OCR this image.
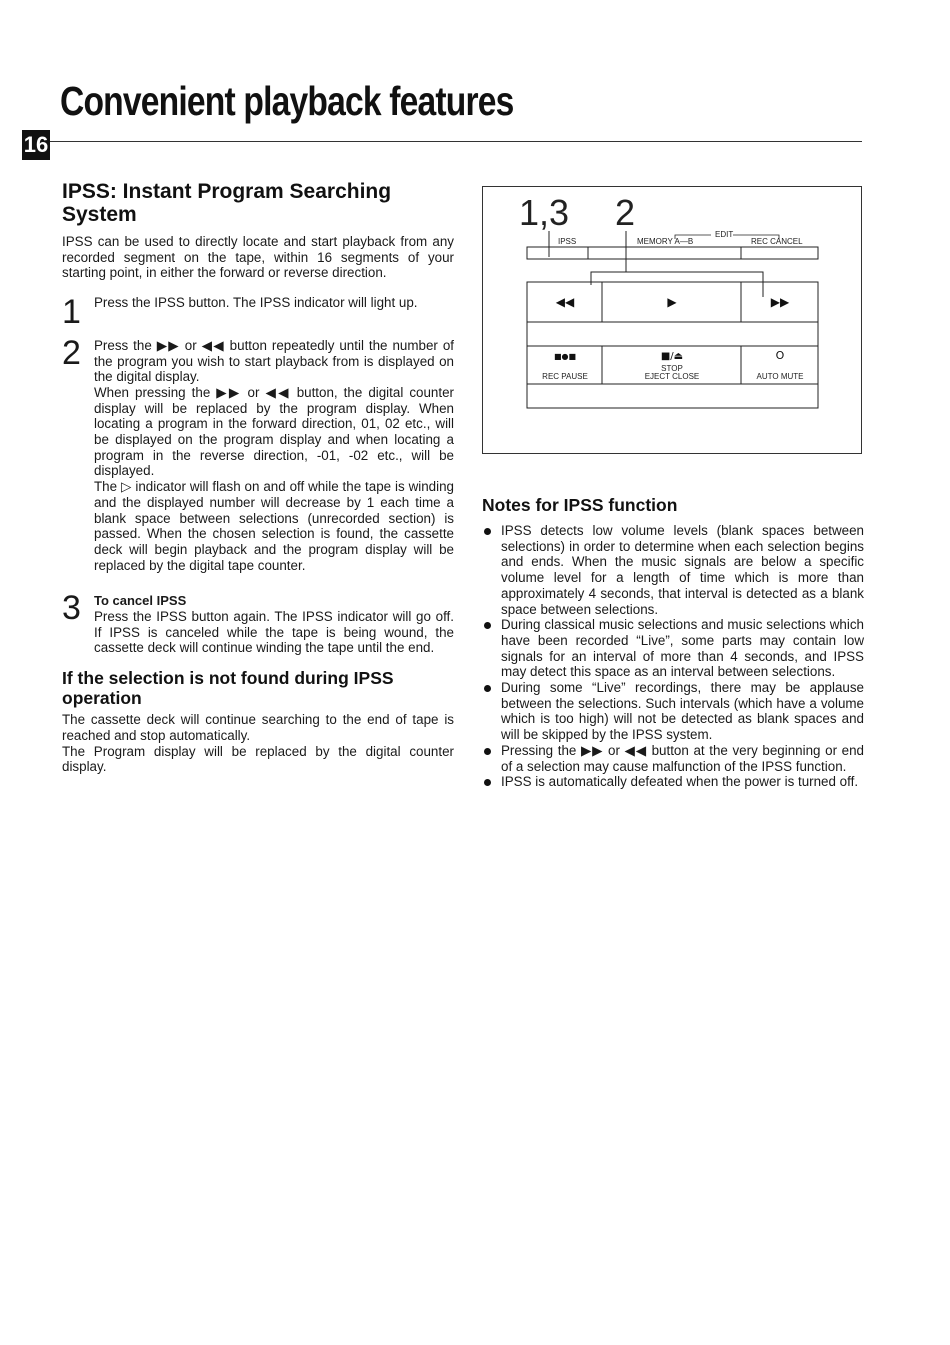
Convenient playback features
16
IPSS: Instant Program Searching System

IPSS can be used to directly locate and start playback from any recorded segment on the tape, within 16 segments of your starting point, in either the forward or reverse direction.

1 Press the IPSS button. The IPSS indicator will light up.

2 Press the ▶▶ or ◀◀ button repeatedly until the number of the program you wish to start playback from is displayed on the digital display.

When pressing the ▶▶ or ◀◀ button, the digital counter display will be replaced by the program display. When locating a program in the forward direction, 01, 02 etc., will be displayed on the program display and when locating a program in the reverse direction, -01, -02 etc., will be displayed.

The ▷ indicator will flash on and off while the tape is winding and the displayed number will decrease by 1 each time a blank space between selections (unrecorded section) is passed. When the chosen selection is found, the cassette deck will begin playback and the program display will be replaced by the digital tape counter.

3 To cancel IPSS

Press the IPSS button again. The IPSS indicator will go off. If IPSS is canceled while the tape is being wound, the cassette deck will continue winding the tape until the end.

If the selection is not found during IPSS operation

The cassette deck will continue searching to the end of tape is reached and stop automatically.

The Program display will be replaced by the digital counter display.

1,3 2
IPSS	MEMORY A—B
EDIT
REC CANCEL
◀◀	▶	▶▶
■●■
REC PAUSE
■/⏏
STOP
EJECT CLOSE
O
AUTO MUTE
Notes for IPSS function
IPSS detects low volume levels (blank spaces between selections) in order to determine when each selection begins and ends. When the music signals are below a specific volume level for a length of time which is more than approximately 4 seconds, that interval is detected as a blank space between selections.
During classical music selections and music selections which have been recorded “Live”, some parts may contain low signals for an interval of more than 4 seconds, and IPSS may detect this space as an interval between selections.
During some “Live” recordings, there may be applause between the selections. Such intervals (which have a volume which is too high) will not be detected as blank spaces and will be skipped by the IPSS system.
Pressing the ▶▶ or ◀◀ button at the very beginning or end of a selection may cause malfunction of the IPSS function.
IPSS is automatically defeated when the power is turned off.
